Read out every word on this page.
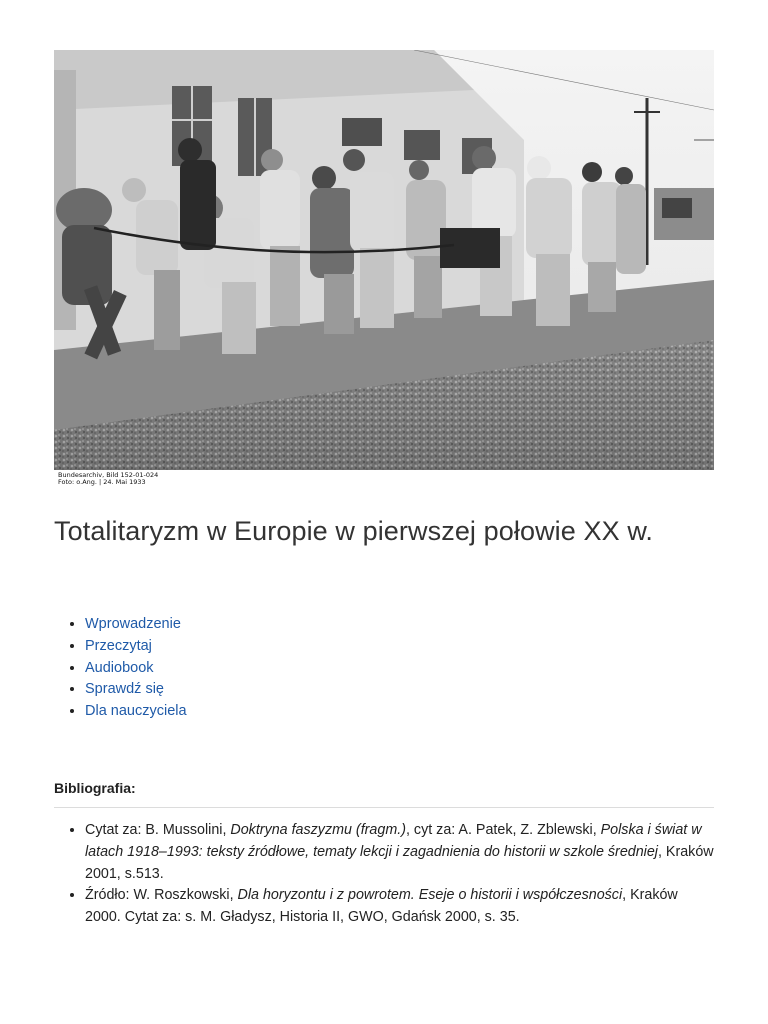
Bundesarchiv, Bild 152-01-024
Foto: o.Ang. | 24. Mai 1933
Totalitaryzm w Europie w pierwszej połowie XX w.
• Wprowadzenie
• Przeczytaj
• Audiobook
• Sprawdź się
• Dla nauczyciela
Bibliografia:
• Cytat za: B. Mussolini, Doktryna faszyzmu (fragm.), cyt za: A. Patek, Z. Zblewski, Polska i świat w latach 1918–1993: teksty źródłowe, tematy lekcji i zagadnienia do historii w szkole średniej, Kraków 2001, s.513.
• Źródło: W. Roszkowski, Dla horyzontu i z powrotem. Eseje o historii i współczesności, Kraków 2000. Cytat za: s. M. Gładysz, Historia II, GWO, Gdańsk 2000, s. 35.
